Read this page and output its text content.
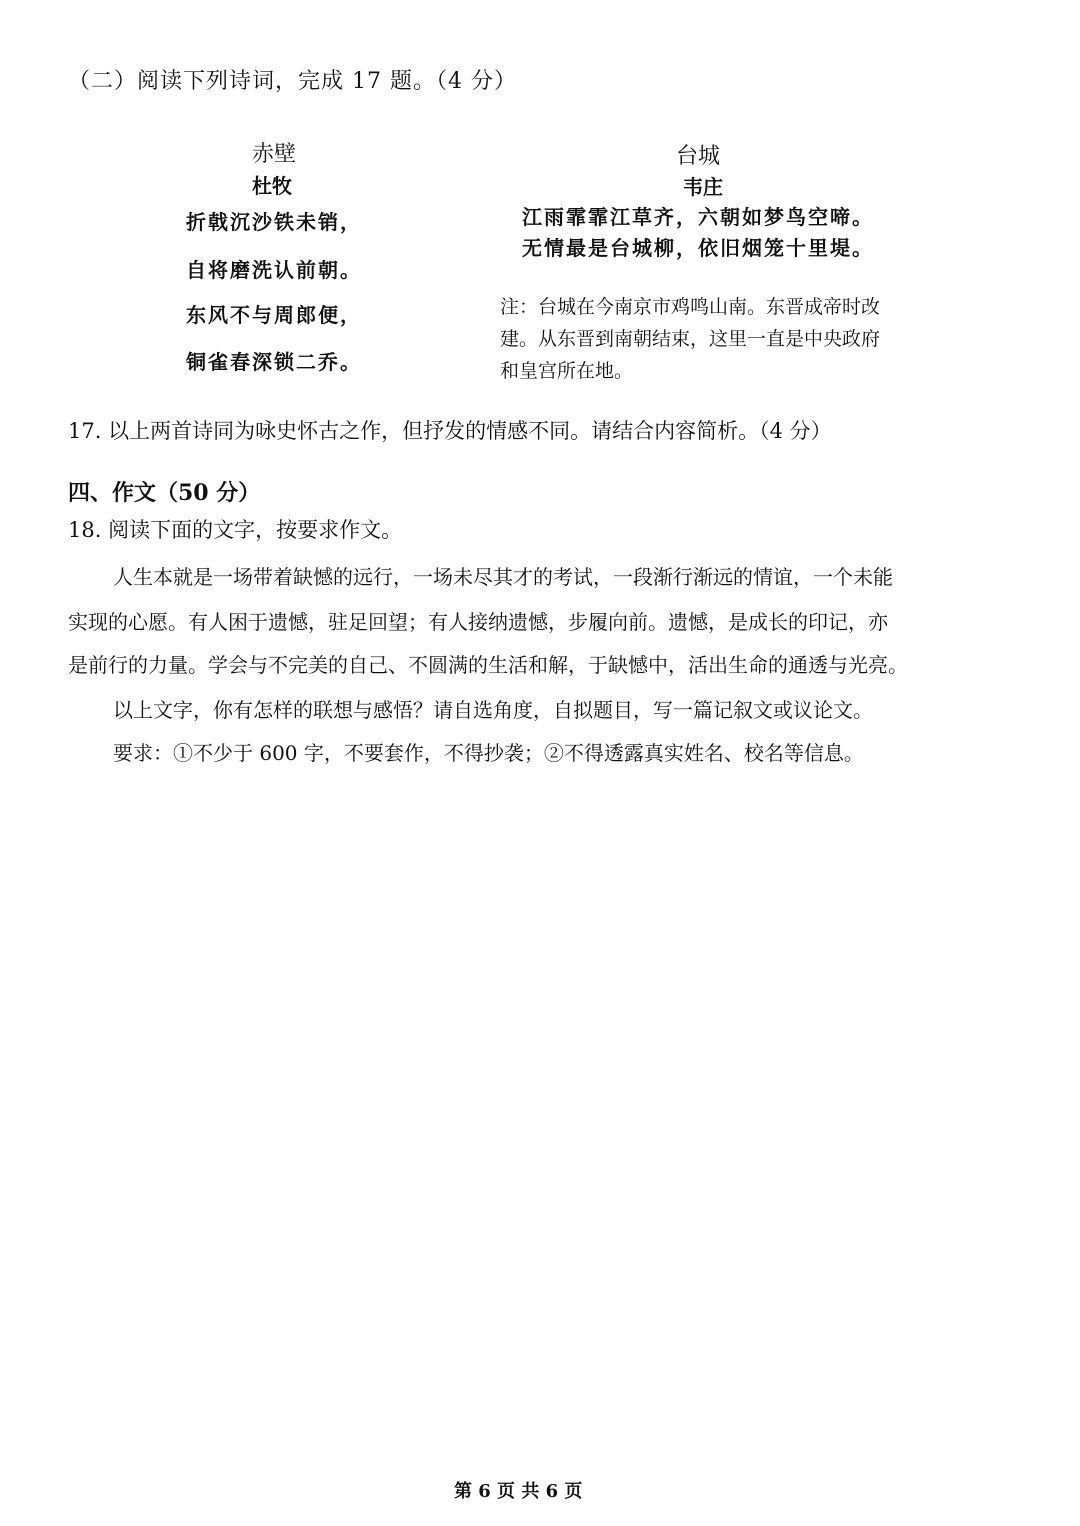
（二）阅读下列诗词，完成 17 题。（4 分）
赤壁
杜牧
折戟沉沙铁未销，
自将磨洗认前朝。
东风不与周郎便，
铜雀春深锁二乔。
台城
韦庄
江雨霏霏江草齐，六朝如梦鸟空啼。
无情最是台城柳，依旧烟笼十里堤。
注：台城在今南京市鸡鸣山南。东晋成帝时改
建。从东晋到南朝结束，这里一直是中央政府
和皇宫所在地。
17. 以上两首诗同为咏史怀古之作，但抒发的情感不同。请结合内容简析。（4 分）
四、作文（50 分）
18. 阅读下面的文字，按要求作文。
人生本就是一场带着缺憾的远行，一场未尽其才的考试，一段渐行渐远的情谊，一个未能
实现的心愿。有人困于遗憾，驻足回望；有人接纳遗憾，步履向前。遗憾，是成长的印记，亦
是前行的力量。学会与不完美的自己、不圆满的生活和解，于缺憾中，活出生命的通透与光亮。
以上文字，你有怎样的联想与感悟？请自选角度，自拟题目，写一篇记叙文或议论文。
要求：①不少于 600 字，不要套作，不得抄袭；②不得透露真实姓名、校名等信息。
第 6 页 共 6 页
